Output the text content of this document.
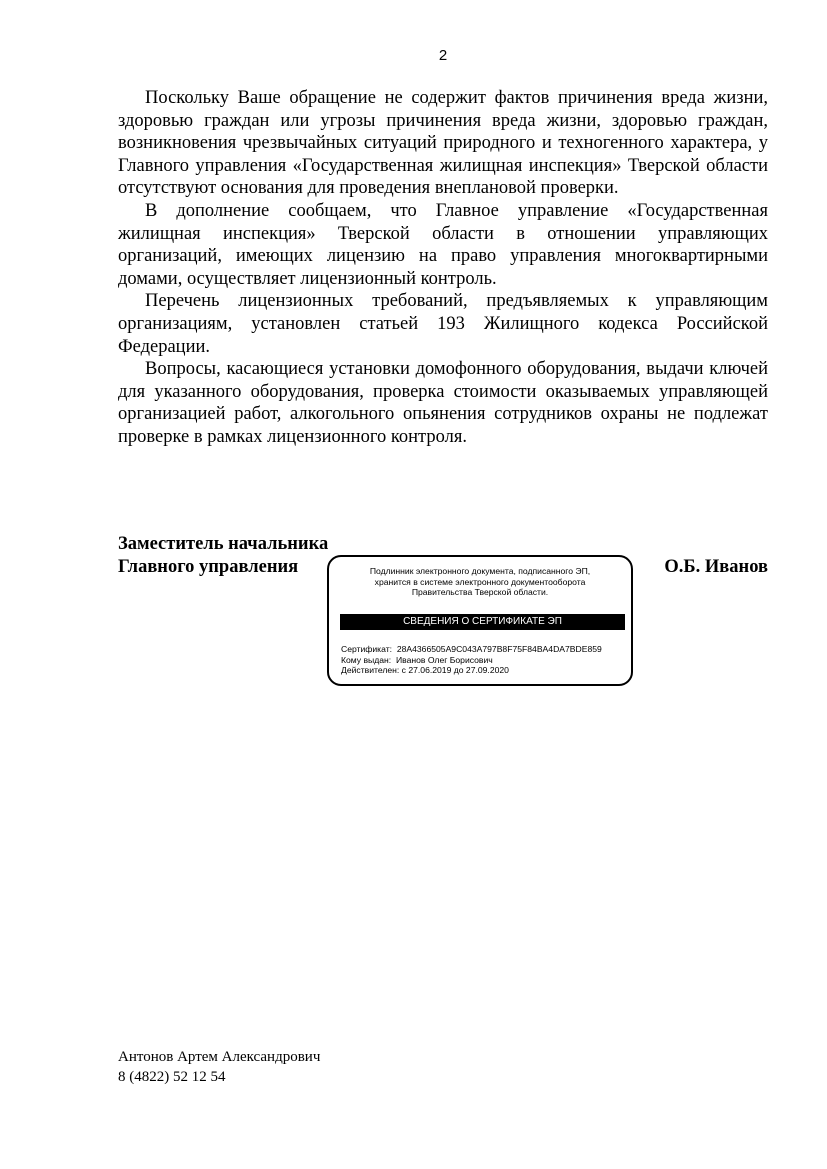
2

Поскольку Ваше обращение не содержит фактов причинения вреда жизни, здоровью граждан или угрозы причинения вреда жизни, здоровью граждан, возникновения чрезвычайных ситуаций природного и техногенного характера, у Главного управления «Государственная жилищная инспекция» Тверской области отсутствуют основания для проведения внеплановой проверки.

В дополнение сообщаем, что Главное управление «Государственная жилищная инспекция» Тверской области в отношении управляющих организаций, имеющих лицензию на право управления многоквартирными домами, осуществляет лицензионный контроль.

Перечень лицензионных требований, предъявляемых к управляющим организациям, установлен статьей 193 Жилищного кодекса Российской Федерации.

Вопросы, касающиеся установки домофонного оборудования, выдачи ключей для указанного оборудования, проверка стоимости оказываемых управляющей организацией работ, алкогольного опьянения сотрудников охраны не подлежат проверке в рамках лицензионного контроля.

Заместитель начальника
Главного управления	О.Б. Иванов
Подлинник электронного документа, подписанного ЭП,
хранится в системе электронного документооборота
Правительства Тверской области.
СВЕДЕНИЯ О СЕРТИФИКАТЕ ЭП
Сертификат: 28A4366505A9C043A797B8F75F84BA4DA7BDE859
Кому выдан: Иванов Олег Борисович
Действителен: с 27.06.2019 до 27.09.2020
Антонов Артем Александрович
8 (4822) 52 12 54
